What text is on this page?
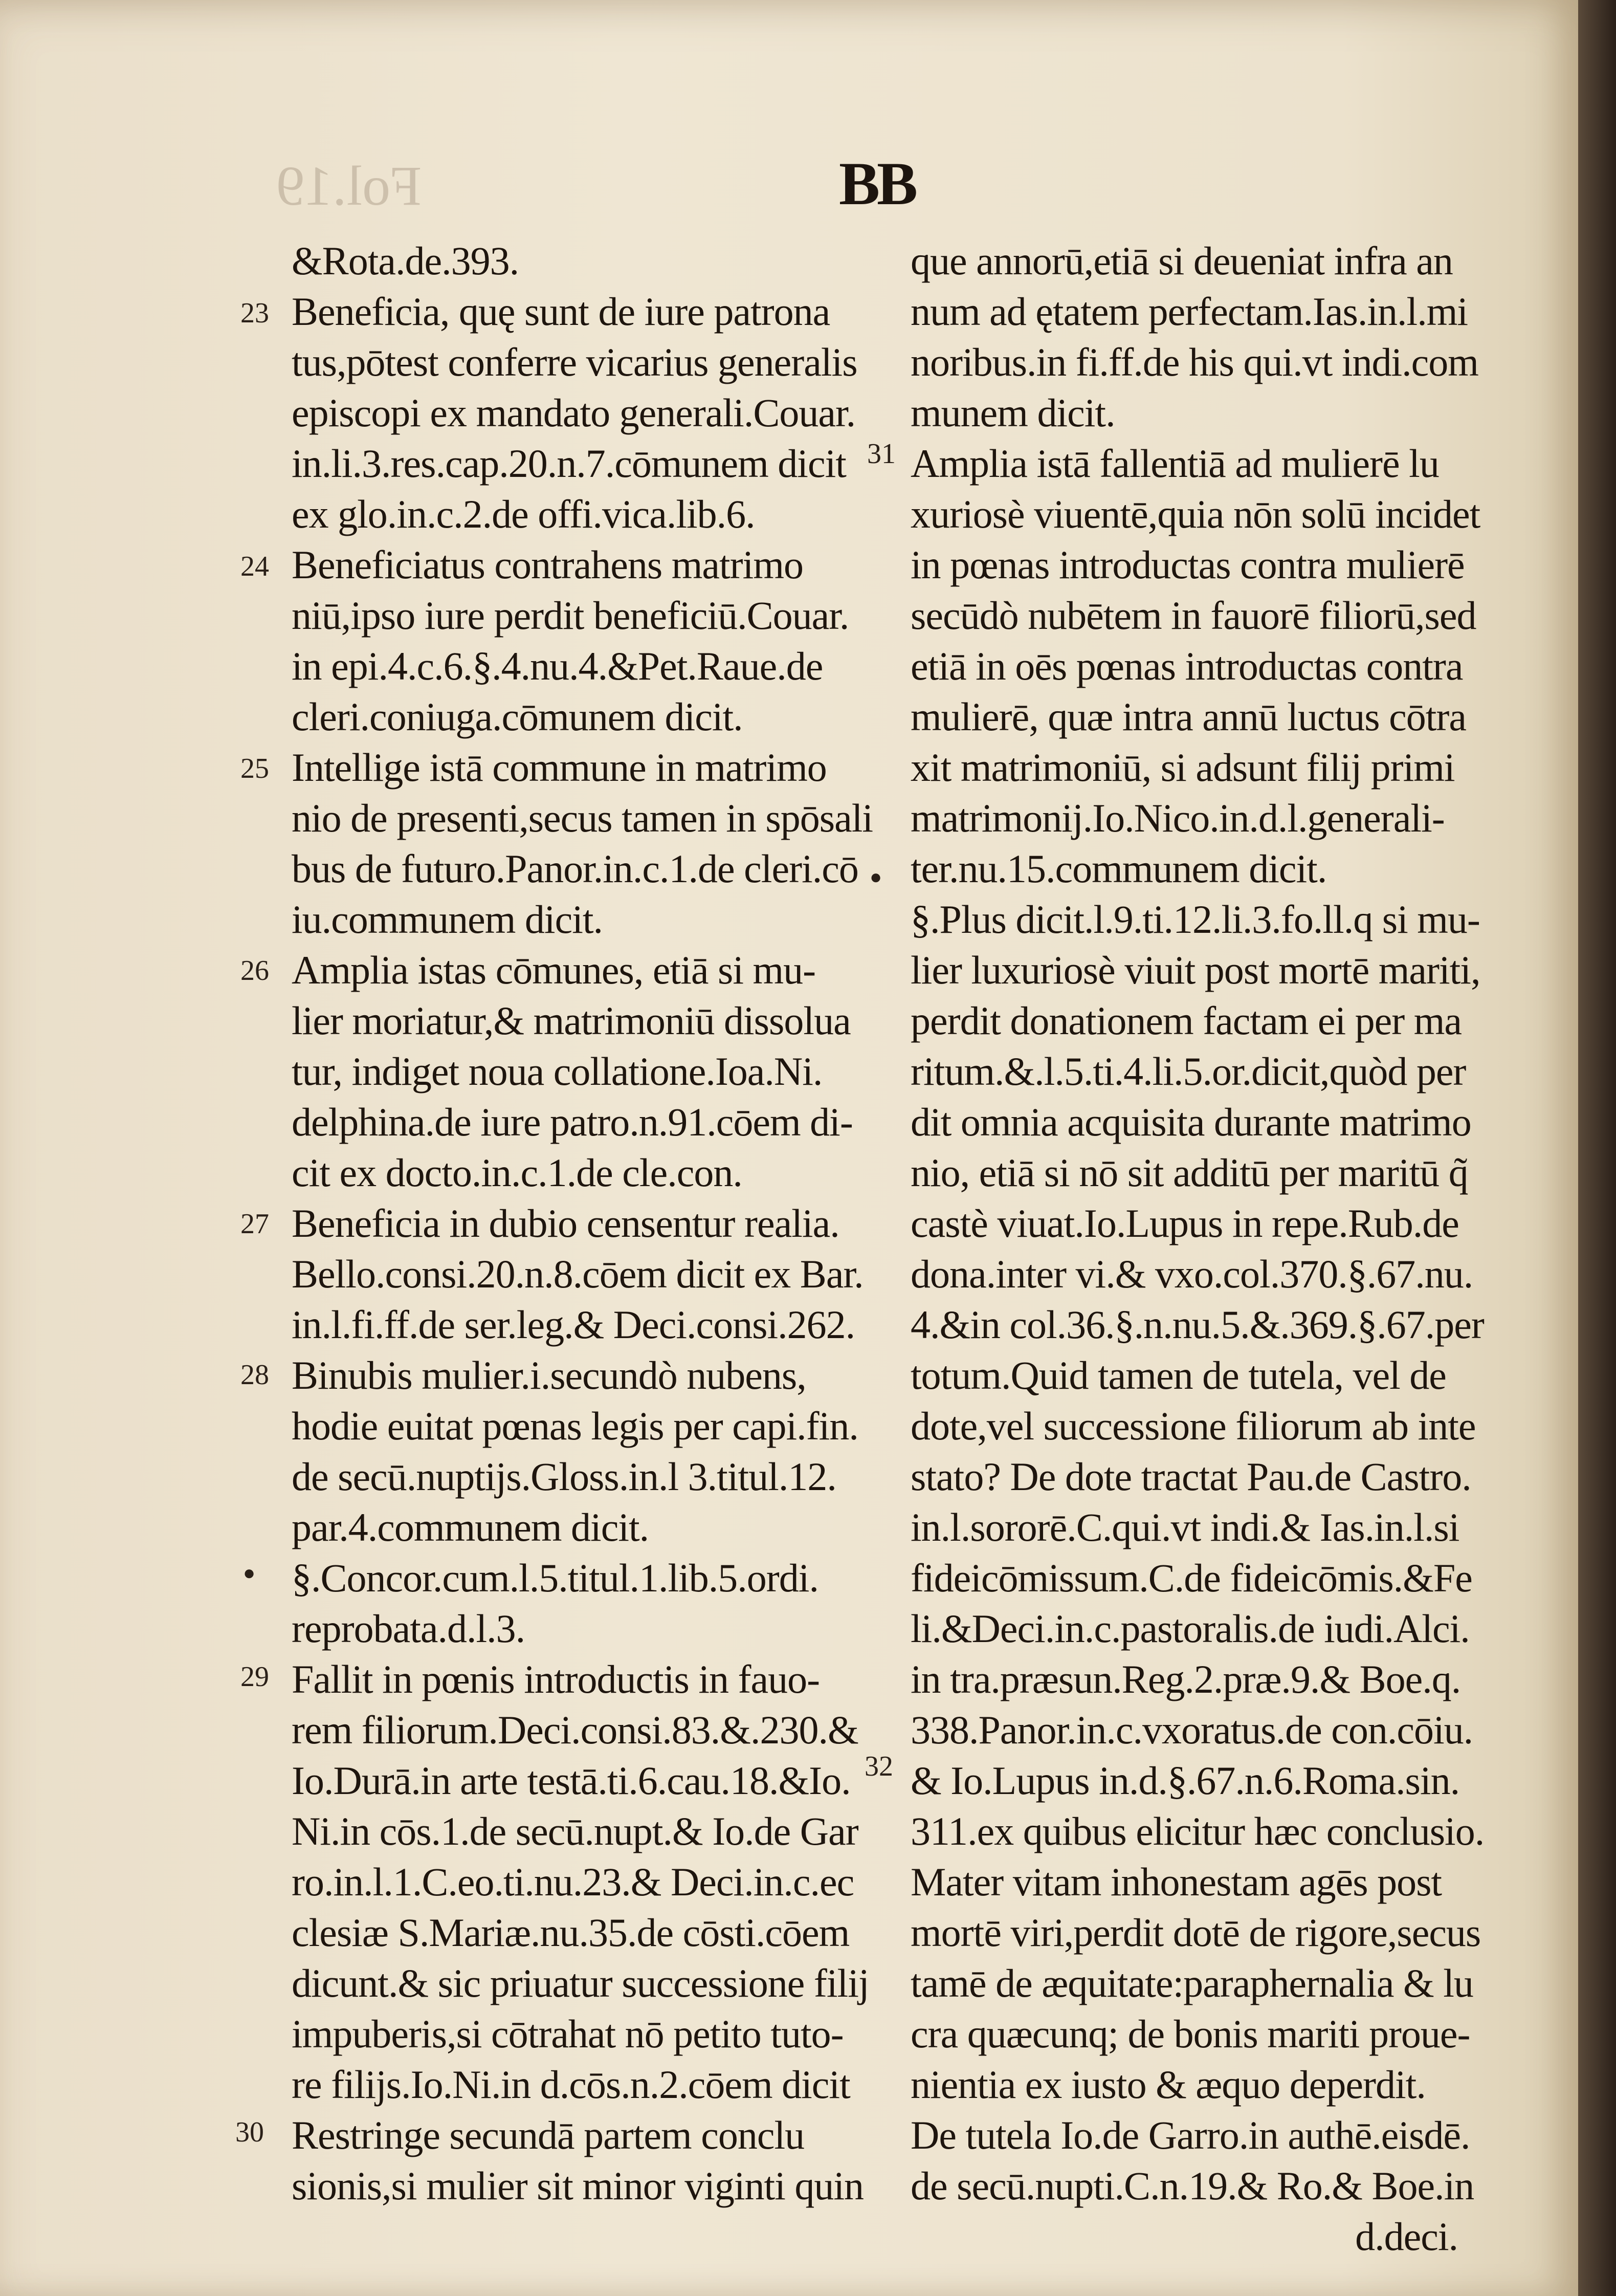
Fol.19	BB
&Rota.de.393.
Beneficia, quę sunt de iure patrona
tus,pōtest conferre vicarius generalis
episcopi ex mandato generali.Couar.
in.li.3.res.cap.20.n.7.cōmunem dicit
ex glo.in.c.2.de offi.vica.lib.6.
Beneficiatus contrahens matrimo
niū,ipso iure perdit beneficiū.Couar.
in epi.4.c.6.§.4.nu.4.&Pet.Raue.de
cleri.coniuga.cōmunem dicit.
Intellige istā commune in matrimo
nio de presenti,secus tamen in spōsali
bus de futuro.Panor.in.c.1.de cleri.cō
iu.communem dicit.
Amplia istas cōmunes, etiā si mu-
lier moriatur,& matrimoniū dissolua
tur, indiget noua collatione.Ioa.Ni.
delphina.de iure patro.n.91.cōem di-
cit ex docto.in.c.1.de cle.con.
Beneficia in dubio censentur realia.
Bello.consi.20.n.8.cōem dicit ex Bar.
in.l.fi.ff.de ser.leg.& Deci.consi.262.
Binubis mulier.i.secundò nubens,
hodie euitat pœnas legis per capi.fin.
de secū.nuptijs.Gloss.in.l 3.titul.12.
par.4.communem dicit.
§.Concor.cum.l.5.titul.1.lib.5.ordi.
reprobata.d.l.3.
Fallit in pœnis introductis in fauo-
rem filiorum.Deci.consi.83.&.230.&
Io.Durā.in arte testā.ti.6.cau.18.&Io.
Ni.in cōs.1.de secū.nupt.& Io.de Gar
ro.in.l.1.C.eo.ti.nu.23.& Deci.in.c.ec
clesiæ S.Mariæ.nu.35.de cōsti.cōem
dicunt.& sic priuatur successione filij
impuberis,si cōtrahat nō petito tuto-
re filijs.Io.Ni.in d.cōs.n.2.cōem dicit
Restringe secundā partem conclu
sionis,si mulier sit minor viginti quin
23
24
25
26
27
28
●
29
30
que annorū,etiā si deueniat infra an
num ad ętatem perfectam.Ias.in.l.mi
noribus.in fi.ff.de his qui.vt indi.com
munem dicit.
Amplia istā fallentiā ad mulierē lu
xuriosè viuentē,quia nōn solū incidet
in pœnas introductas contra mulierē
secūdò nubētem in fauorē filiorū,sed
etiā in oēs pœnas introductas contra
mulierē, quæ intra annū luctus cōtra
xit matrimoniū, si adsunt filij primi
matrimonij.Io.Nico.in.d.l.generali-
ter.nu.15.communem dicit.
§.Plus dicit.l.9.ti.12.li.3.fo.ll.q si mu-
lier luxuriosè viuit post mortē mariti,
perdit donationem factam ei per ma
ritum.&.l.5.ti.4.li.5.or.dicit,quòd per
dit omnia acquisita durante matrimo
nio, etiā si nō sit additū per maritū q̃
castè viuat.Io.Lupus in repe.Rub.de
dona.inter vi.& vxo.col.370.§.67.nu.
4.&in col.36.§.n.nu.5.&.369.§.67.per
totum.Quid tamen de tutela, vel de
dote,vel successione filiorum ab inte
stato? De dote tractat Pau.de Castro.
in.l.sororē.C.qui.vt indi.& Ias.in.l.si
fideicōmissum.C.de fideicōmis.&Fe
li.&Deci.in.c.pastoralis.de iudi.Alci.
in tra.præsun.Reg.2.præ.9.& Boe.q.
338.Panor.in.c.vxoratus.de con.cōiu.
& Io.Lupus in.d.§.67.n.6.Roma.sin.
311.ex quibus elicitur hæc conclusio.
Mater vitam inhonestam agēs post
mortē viri,perdit dotē de rigore,secus
tamē de æquitate:paraphernalia & lu
cra quæcunq; de bonis mariti proue-
nientia ex iusto & æquo deperdit.
De tutela Io.de Garro.in authē.eisdē.
de secū.nupti.C.n.19.& Ro.& Boe.in
d.deci.
31
●
32
